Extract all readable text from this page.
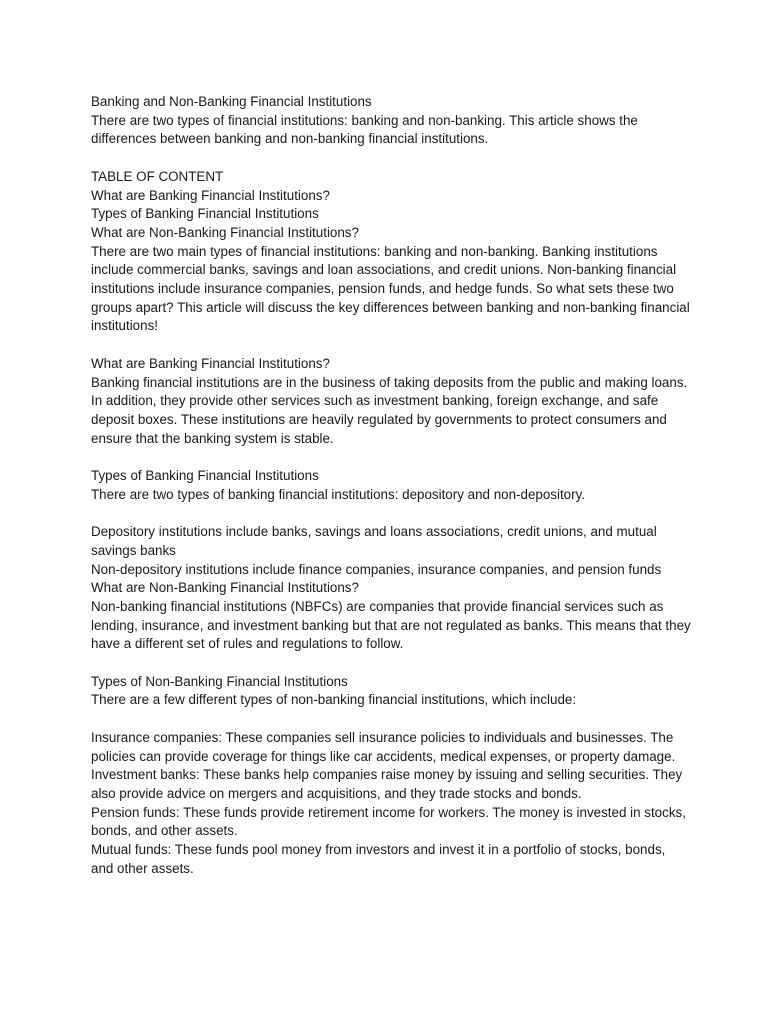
Banking and Non-Banking Financial Institutions

There are two types of financial institutions: banking and non-banking. This article shows the differences between banking and non-banking financial institutions.

TABLE OF CONTENT

What are Banking Financial Institutions?

Types of Banking Financial Institutions

What are Non-Banking Financial Institutions?

There are two main types of financial institutions: banking and non-banking. Banking institutions include commercial banks, savings and loan associations, and credit unions. Non-banking financial institutions include insurance companies, pension funds, and hedge funds. So what sets these two groups apart? This article will discuss the key differences between banking and non-banking financial institutions!

What are Banking Financial Institutions?

Banking financial institutions are in the business of taking deposits from the public and making loans. In addition, they provide other services such as investment banking, foreign exchange, and safe deposit boxes. These institutions are heavily regulated by governments to protect consumers and ensure that the banking system is stable.

Types of Banking Financial Institutions

There are two types of banking financial institutions: depository and non-depository.

Depository institutions include banks, savings and loans associations, credit unions, and mutual savings banks

Non-depository institutions include finance companies, insurance companies, and pension funds

What are Non-Banking Financial Institutions?

Non-banking financial institutions (NBFCs) are companies that provide financial services such as lending, insurance, and investment banking but that are not regulated as banks. This means that they have a different set of rules and regulations to follow.

Types of Non-Banking Financial Institutions

There are a few different types of non-banking financial institutions, which include:

Insurance companies: These companies sell insurance policies to individuals and businesses. The policies can provide coverage for things like car accidents, medical expenses, or property damage.

Investment banks: These banks help companies raise money by issuing and selling securities. They also provide advice on mergers and acquisitions, and they trade stocks and bonds.

Pension funds: These funds provide retirement income for workers. The money is invested in stocks, bonds, and other assets.

Mutual funds: These funds pool money from investors and invest it in a portfolio of stocks, bonds, and other assets.
